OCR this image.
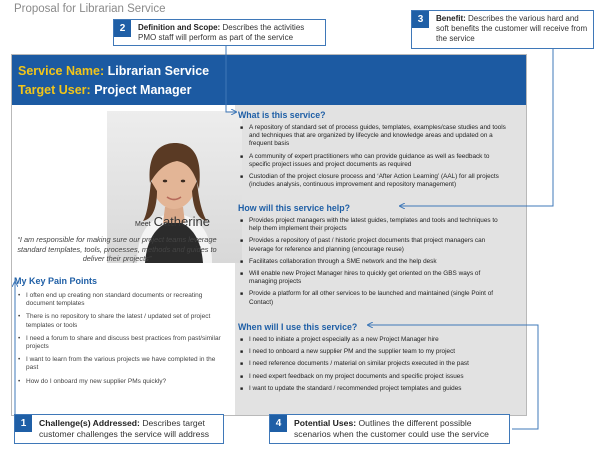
Proposal for Librarian Service
2	Definition and Scope: Describes the activities PMO staff will perform as part of the service
3	Benefit: Describes the various hard and soft benefits the customer will receive from the service
Service Name: Librarian Service
Target User: Project Manager
Meet Catherine
“I am responsible for making sure our project teams leverage standard templates, tools, processes, methods and guides to deliver their projects”
My Key Pain Points
• I often end up creating non standard documents or recreating document templates
• There is no repository to share the latest / updated set of project templates or tools
• I need a forum to share and discuss best practices from past/similar projects
• I want to learn from the various projects we have completed in the past
• How do I onboard my new supplier PMs quickly?
What is this service?
■ A repository of standard set of process guides, templates, examples/case studies and tools and techniques that are organized by lifecycle and knowledge areas and updated on a frequent basis
■ A community of expert practitioners who can provide guidance as well as feedback to specific project issues and project documents as required
■ Custodian of the project closure process and ‘After Action Learning’ (AAL) for all projects (includes analysis, continuous improvement and repository management)
How will this service help?
■ Provides project managers with the latest guides, templates and tools and techniques to help them implement their projects
■ Provides a repository of past / historic project documents that project managers can leverage for reference and planning (encourage reuse)
■ Facilitates collaboration through a SME network and the help desk
■ Will enable new Project Manager hires to quickly get oriented on the GBS ways of managing projects
■ Provide a platform for all other services to be launched and maintained (single Point of Contact)
When will I use this service?
■ I need to initiate a project especially as a new Project Manager hire
■ I need to onboard a new supplier PM and the supplier team to my project
■ I need reference documents / material on similar projects executed in the past
■ I need expert feedback on my project documents and specific project issues
■ I want to update the standard / recommended project templates and guides
1	Challenge(s) Addressed: Describes target customer challenges the service will address
4	Potential Uses: Outlines the different possible scenarios when the customer could use the service
